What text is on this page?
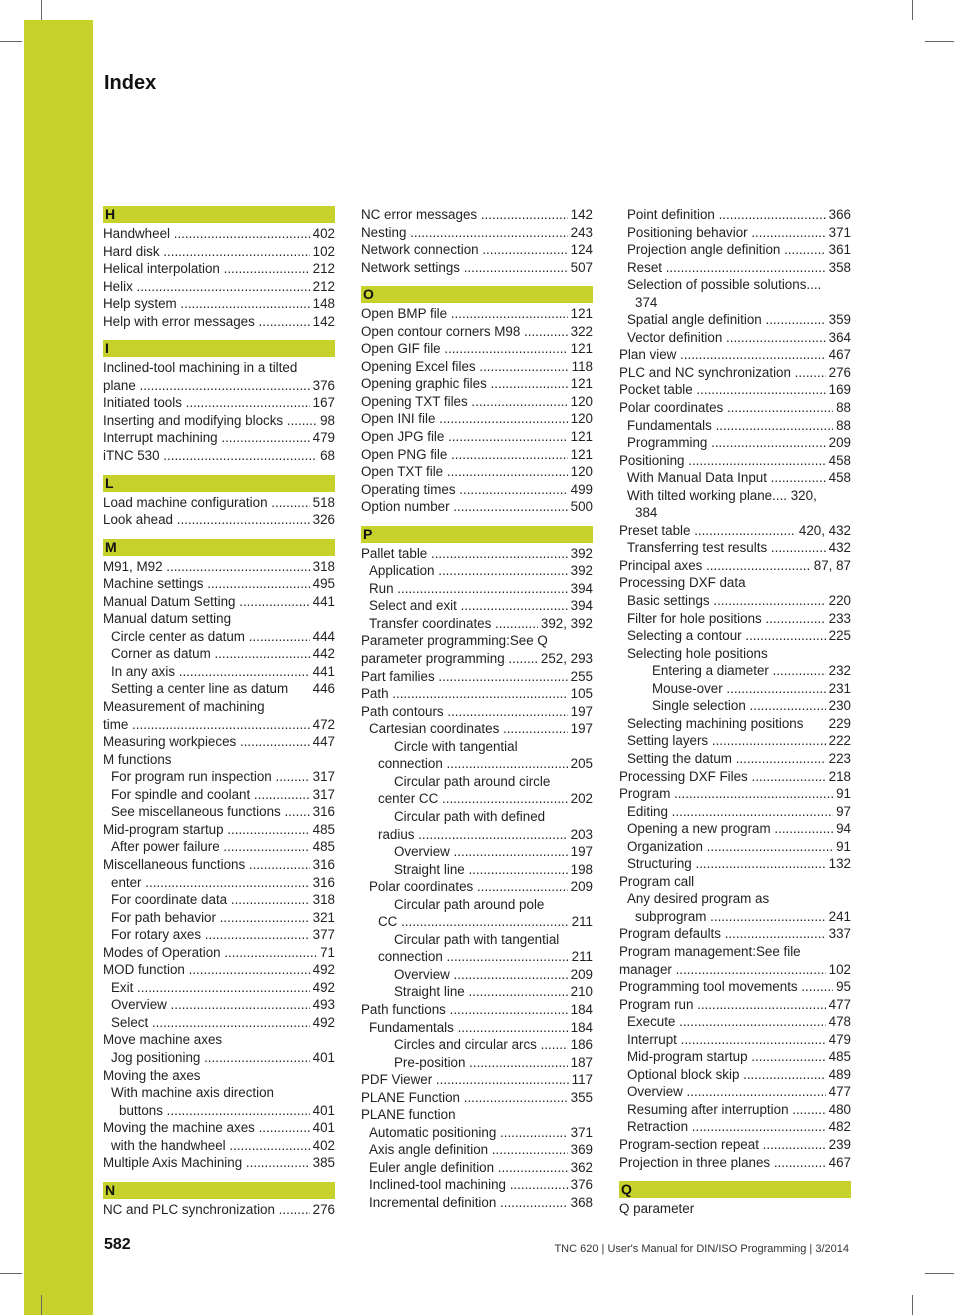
Index
H
Handwheel .....	402
Hard disk .....	102
Helical interpolation .....	212
Helix .....	212
Help system .....	148
Help with error messages .....	142
I
Inclined-tool machining in a tilted
plane .....	376
Initiated tools .....	167
Inserting and modifying blocks .....	98
Interrupt machining .....	479
iTNC 530 .....	68
L
Load machine configuration .....	518
Look ahead .....	326
M
M91, M92 .....	318
Machine settings .....	495
Manual Datum Setting .....	441
Manual datum setting
Circle center as datum .....	444
Corner as datum .....	442
In any axis .....	441
Setting a center line as datum	446
Measurement of machining
time .....	472
Measuring workpieces .....	447
M functions
For program run inspection .....	317
For spindle and coolant .....	317
See miscellaneous functions .....	316
Mid-program startup .....	485
After power failure .....	485
Miscellaneous functions .....	316
enter .....	316
For coordinate data .....	318
For path behavior .....	321
For rotary axes .....	377
Modes of Operation .....	71
MOD function .....	492
Exit .....	492
Overview .....	493
Select .....	492
Move machine axes
Jog positioning .....	401
Moving the axes
With machine axis direction
buttons .....	401
Moving the machine axes .....	401
with the handwheel .....	402
Multiple Axis Machining .....	385
N
NC and PLC synchronization .....	276
NC error messages .....	142
Nesting .....	243
Network connection .....	124
Network settings .....	507
O
Open BMP file .....	121
Open contour corners M98 .....	322
Open GIF file .....	121
Opening Excel files .....	118
Opening graphic files .....	121
Opening TXT files .....	120
Open INI file .....	120
Open JPG file .....	121
Open PNG file .....	121
Open TXT file .....	120
Operating times .....	499
Option number .....	500
P
Pallet table .....	392
Application .....	392
Run .....	394
Select and exit .....	394
Transfer coordinates .....	392, 392
Parameter programming:See Q
parameter programming .....	252, 293
Part families .....	255
Path .....	105
Path contours .....	197
Cartesian coordinates .....	197
Circle with tangential
connection .....	205
Circular path around circle
center CC .....	202
Circular path with defined
radius .....	203
Overview .....	197
Straight line .....	198
Polar coordinates .....	209
Circular path around pole
CC .....	211
Circular path with tangential
connection .....	211
Overview .....	209
Straight line .....	210
Path functions .....	184
Fundamentals .....	184
Circles and circular arcs .....	186
Pre-position .....	187
PDF Viewer .....	117
PLANE Function .....	355
PLANE function
Automatic positioning .....	371
Axis angle definition .....	369
Euler angle definition .....	362
Inclined-tool machining .....	376
Incremental definition .....	368
Point definition .....	366
Positioning behavior .....	371
Projection angle definition .....	361
Reset .....	358
Selection of possible solutions....
374
Spatial angle definition .....	359
Vector definition .....	364
Plan view .....	467
PLC and NC synchronization .....	276
Pocket table .....	169
Polar coordinates .....	88
Fundamentals .....	88
Programming .....	209
Positioning .....	458
With Manual Data Input .....	458
With tilted working plane.... 320,
384
Preset table .....	420, 432
Transferring test results .....	432
Principal axes .....	87, 87
Processing DXF data
Basic settings .....	220
Filter for hole positions .....	233
Selecting a contour .....	225
Selecting hole positions
Entering a diameter .....	232
Mouse-over .....	231
Single selection .....	230
Selecting machining positions	229
Setting layers .....	222
Setting the datum .....	223
Processing DXF Files .....	218
Program .....	91
Editing .....	97
Opening a new program .....	94
Organization .....	91
Structuring .....	132
Program call
Any desired program as
subprogram .....	241
Program defaults .....	337
Program management:See file
manager .....	102
Programming tool movements .....	95
Program run .....	477
Execute .....	478
Interrupt .....	479
Mid-program startup .....	485
Optional block skip .....	489
Overview .....	477
Resuming after interruption .....	480
Retraction .....	482
Program-section repeat .....	239
Projection in three planes .....	467
Q
Q parameter
582	TNC 620 | User's Manual for DIN/ISO Programming | 3/2014
